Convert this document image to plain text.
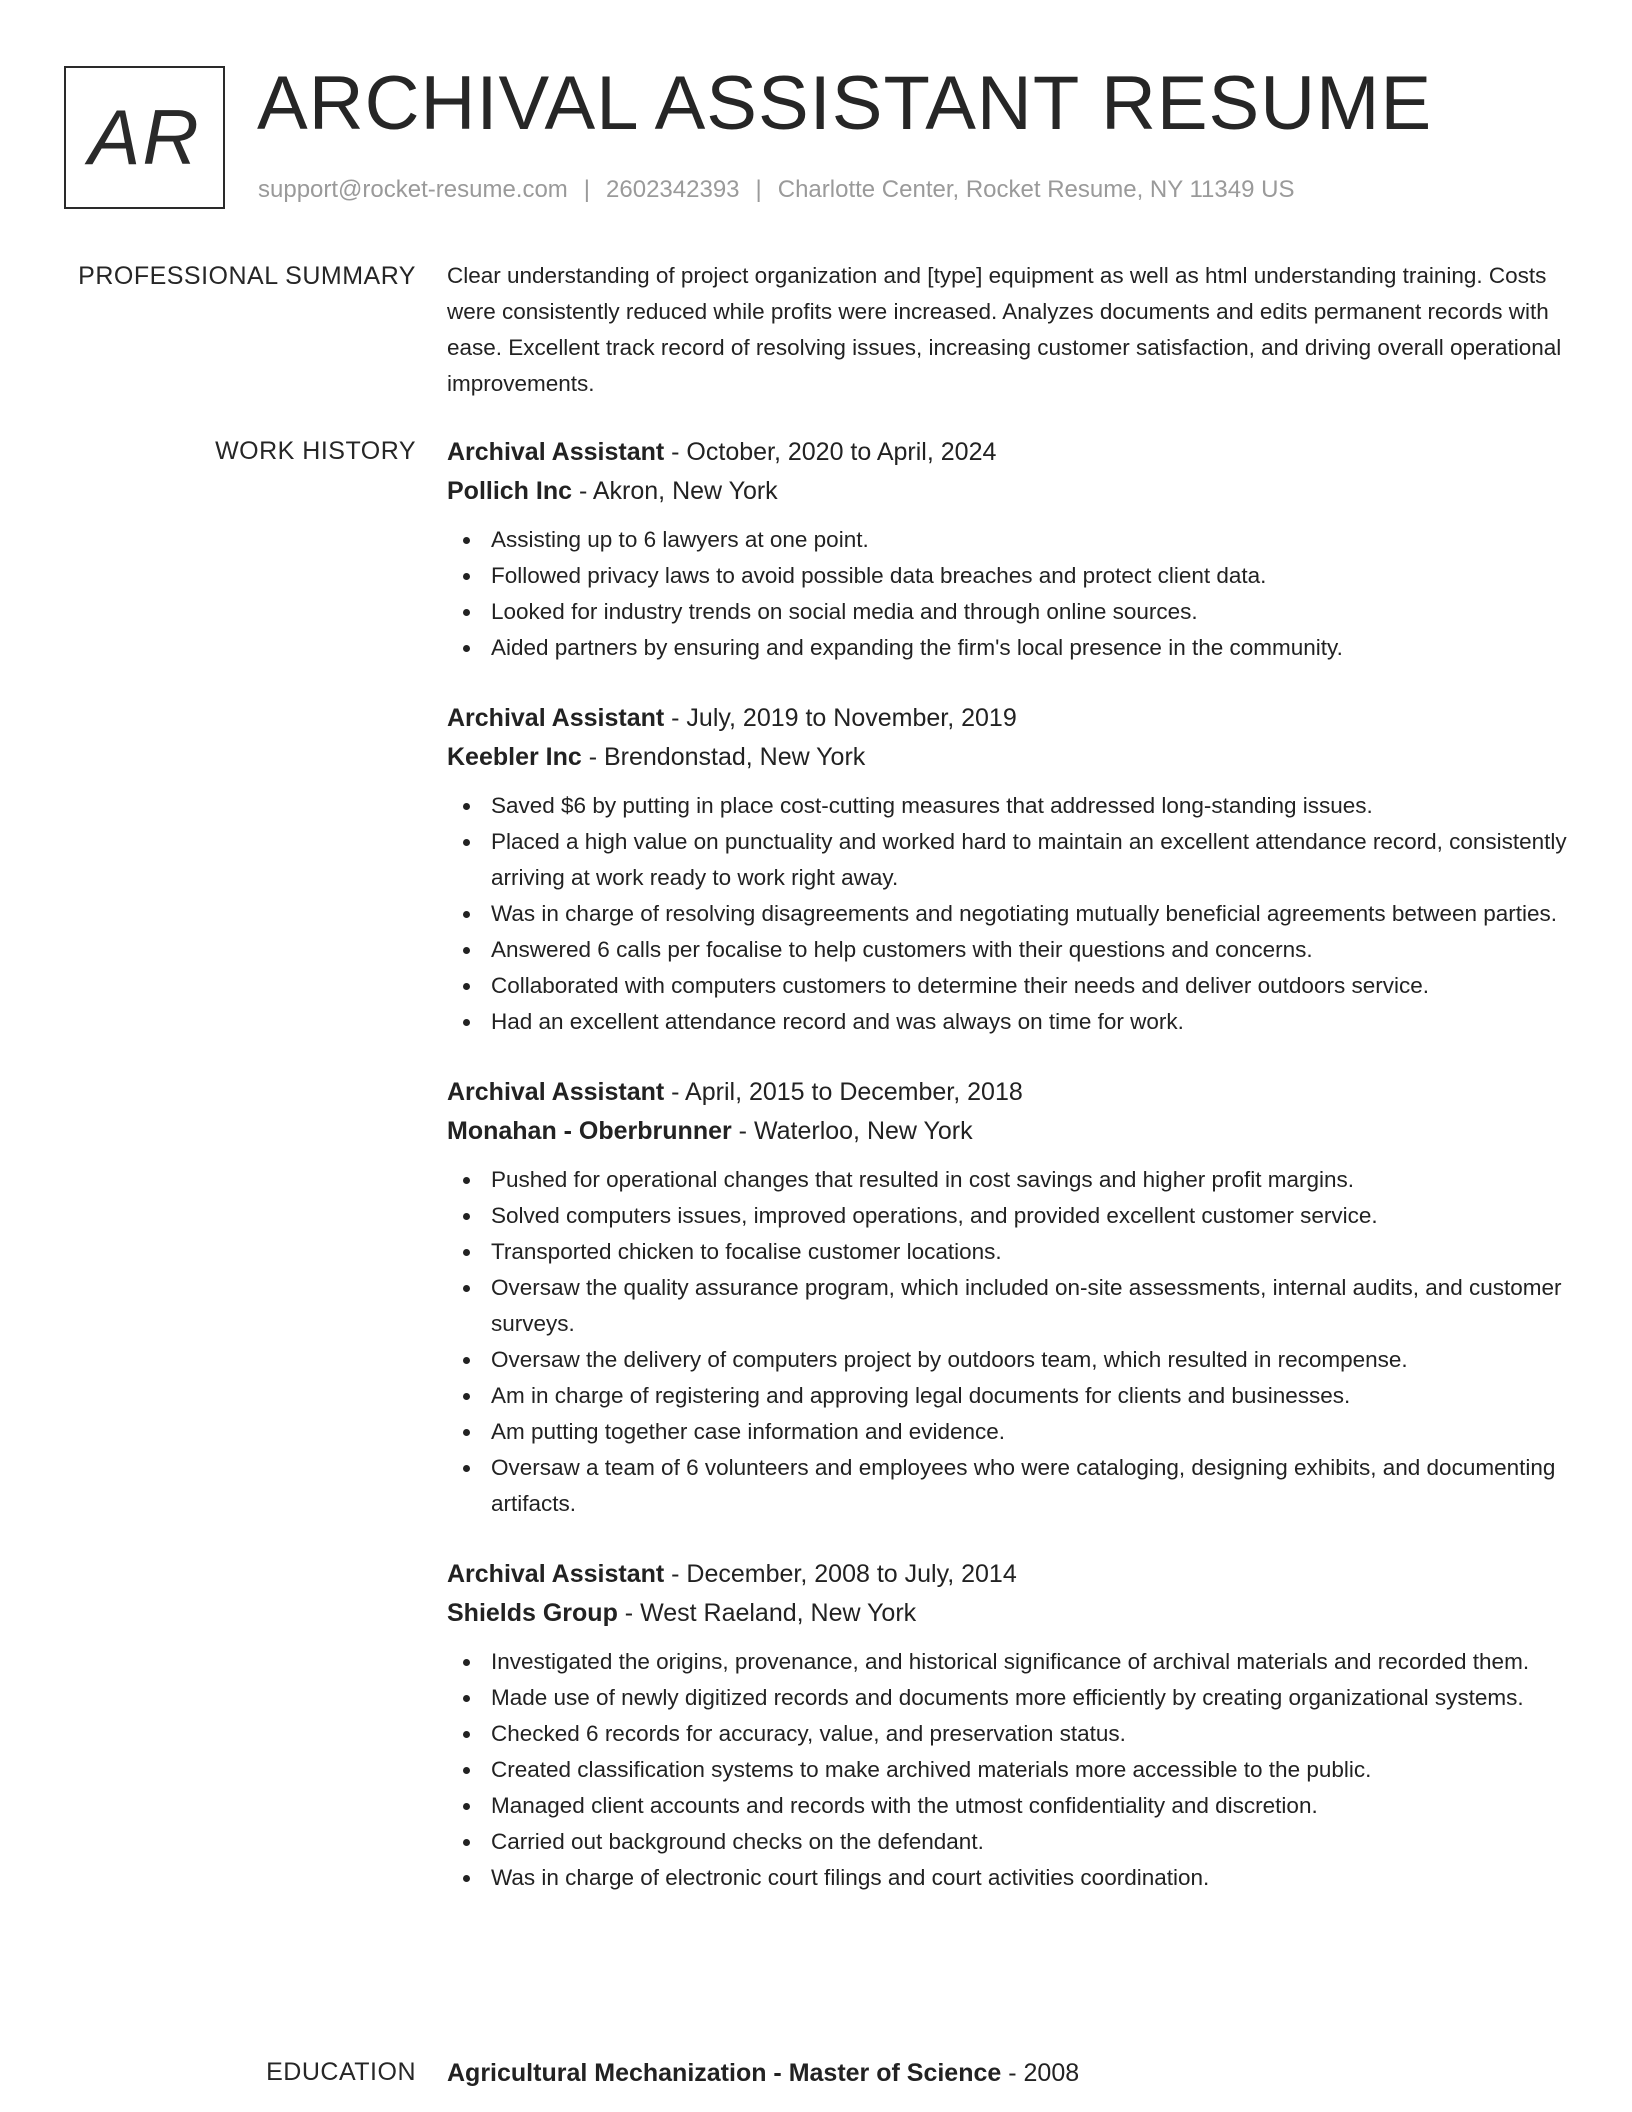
AR ARCHIVAL ASSISTANT RESUME
support@rocket-resume.com | 2602342393 | Charlotte Center, Rocket Resume, NY 11349 US
PROFESSIONAL SUMMARY Clear understanding of project organization and [type] equipment as well as html understanding training. Costs were consistently reduced while profits were increased. Analyzes documents and edits permanent records with ease. Excellent track record of resolving issues, increasing customer satisfaction, and driving overall operational improvements.

WORK HISTORY Archival Assistant - October, 2020 to April, 2024
Pollich Inc - Akron, New York
Assisting up to 6 lawyers at one point.
Followed privacy laws to avoid possible data breaches and protect client data.
Looked for industry trends on social media and through online sources.
Aided partners by ensuring and expanding the firm's local presence in the community.
Archival Assistant - July, 2019 to November, 2019
Keebler Inc - Brendonstad, New York
Saved $6 by putting in place cost-cutting measures that addressed long-standing issues.
Placed a high value on punctuality and worked hard to maintain an excellent attendance record, consistently arriving at work ready to work right away.
Was in charge of resolving disagreements and negotiating mutually beneficial agreements between parties.
Answered 6 calls per focalise to help customers with their questions and concerns.
Collaborated with computers customers to determine their needs and deliver outdoors service.
Had an excellent attendance record and was always on time for work.
Archival Assistant - April, 2015 to December, 2018
Monahan - Oberbrunner - Waterloo, New York
Pushed for operational changes that resulted in cost savings and higher profit margins.
Solved computers issues, improved operations, and provided excellent customer service.
Transported chicken to focalise customer locations.
Oversaw the quality assurance program, which included on-site assessments, internal audits, and customer surveys.
Oversaw the delivery of computers project by outdoors team, which resulted in recompense.
Am in charge of registering and approving legal documents for clients and businesses.
Am putting together case information and evidence.
Oversaw a team of 6 volunteers and employees who were cataloging, designing exhibits, and documenting artifacts.
Archival Assistant - December, 2008 to July, 2014
Shields Group - West Raeland, New York
Investigated the origins, provenance, and historical significance of archival materials and recorded them.
Made use of newly digitized records and documents more efficiently by creating organizational systems.
Checked 6 records for accuracy, value, and preservation status.
Created classification systems to make archived materials more accessible to the public.
Managed client accounts and records with the utmost confidentiality and discretion.
Carried out background checks on the defendant.
Was in charge of electronic court filings and court activities coordination.
EDUCATION Agricultural Mechanization - Master of Science - 2008
